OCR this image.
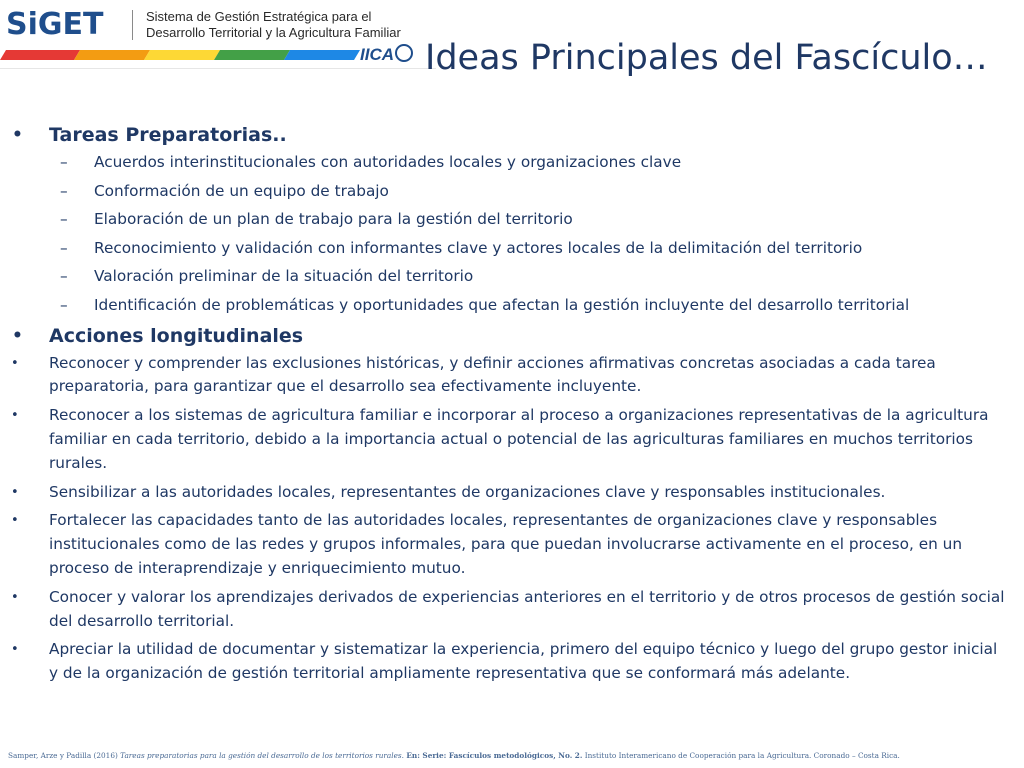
SiGET	Sistema de Gestión Estratégica para el
Desarrollo Territorial y la Agricultura Familiar
IICA Ideas Principales del Fascículo…
• Tareas Preparatorias..
– Acuerdos interinstitucionales con autoridades locales y organizaciones clave
– Conformación de un equipo de trabajo
– Elaboración de un plan de trabajo para la gestión del territorio
– Reconocimiento y validación con informantes clave y actores locales de la delimitación del territorio
– Valoración preliminar de la situación del territorio
– Identificación de problemáticas y oportunidades que afectan la gestión incluyente del desarrollo territorial
• Acciones longitudinales
• Reconocer y comprender las exclusiones históricas, y definir acciones afirmativas concretas asociadas a cada tarea preparatoria, para garantizar que el desarrollo sea efectivamente incluyente.
• Reconocer a los sistemas de agricultura familiar e incorporar al proceso a organizaciones representativas de la agricultura familiar en cada territorio, debido a la importancia actual o potencial de las agriculturas familiares en muchos territorios rurales.
• Sensibilizar a las autoridades locales, representantes de organizaciones clave y responsables institucionales.
• Fortalecer las capacidades tanto de las autoridades locales, representantes de organizaciones clave y responsables institucionales como de las redes y grupos informales, para que puedan involucrarse activamente en el proceso, en un proceso de interaprendizaje y enriquecimiento mutuo.
• Conocer y valorar los aprendizajes derivados de experiencias anteriores en el territorio y de otros procesos de gestión social del desarrollo territorial.
• Apreciar la utilidad de documentar y sistematizar la experiencia, primero del equipo técnico y luego del grupo gestor inicial y de la organización de gestión territorial ampliamente representativa que se conformará más adelante.
Samper, Arze y Padilla (2016) Tareas preparatorias para la gestión del desarrollo de los territorios rurales. En: Serie: Fascículos metodológicos, No. 2. Instituto Interamericano de Cooperación para la Agricultura. Coronado – Costa Rica.
